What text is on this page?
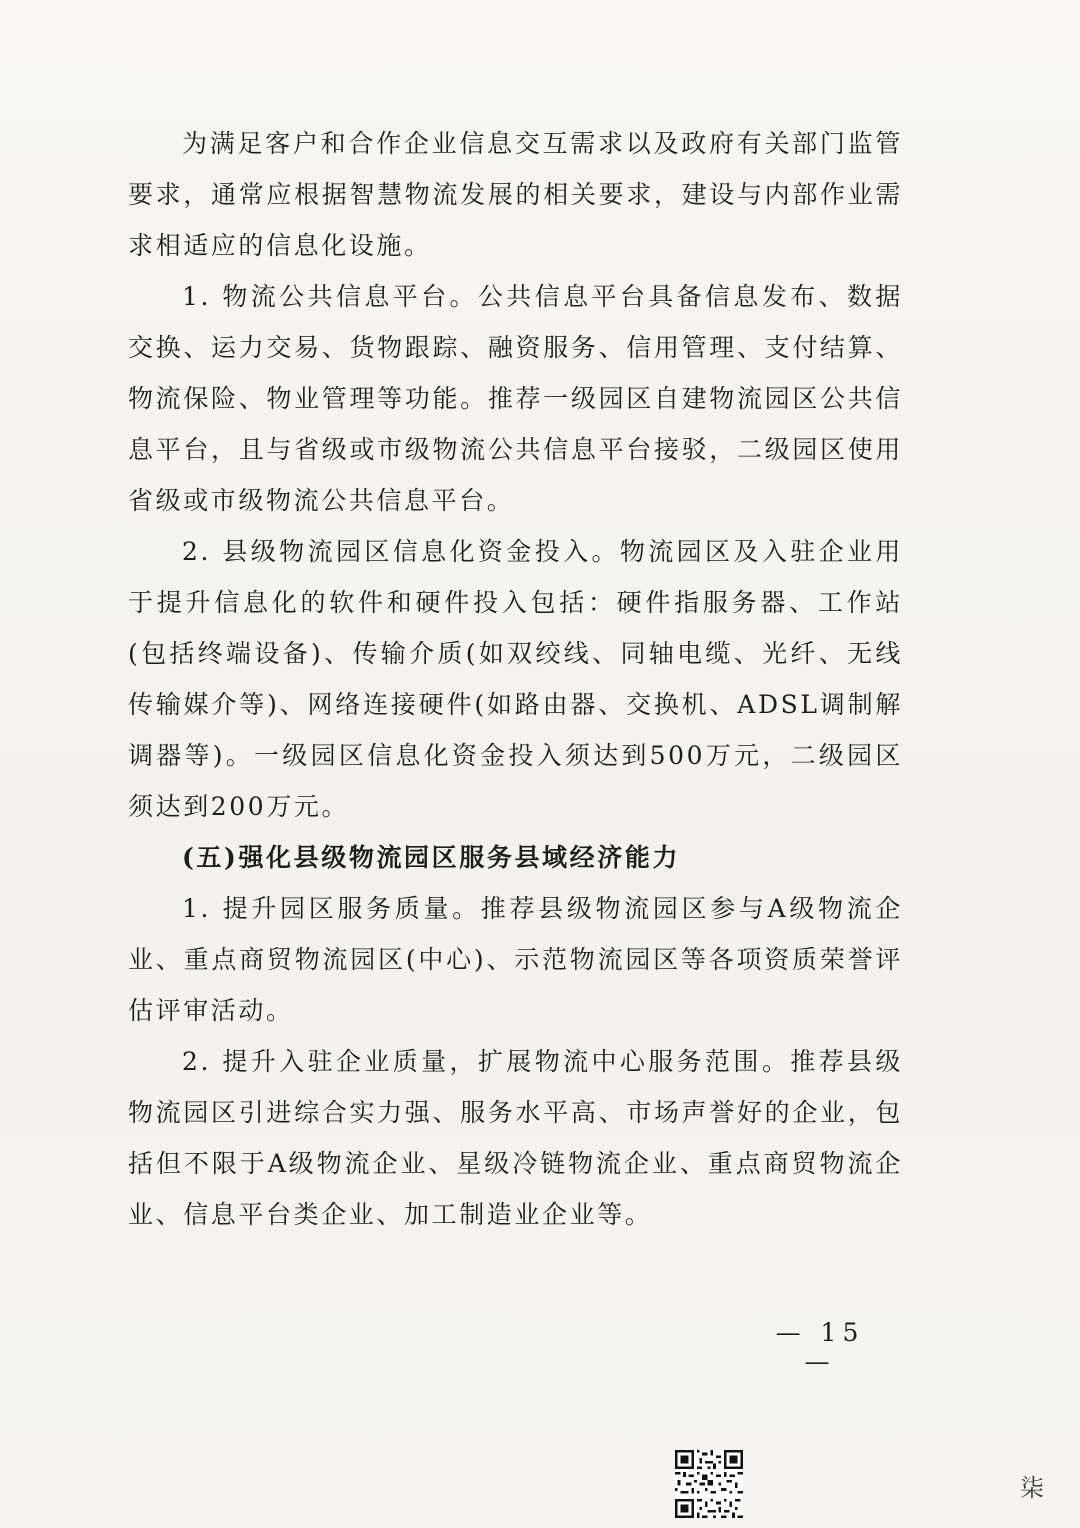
为满足客户和合作企业信息交互需求以及政府有关部门监管要求，通常应根据智慧物流发展的相关要求，建设与内部作业需求相适应的信息化设施。

1. 物流公共信息平台。公共信息平台具备信息发布、数据交换、运力交易、货物跟踪、融资服务、信用管理、支付结算、物流保险、物业管理等功能。推荐一级园区自建物流园区公共信息平台，且与省级或市级物流公共信息平台接驳，二级园区使用省级或市级物流公共信息平台。

2. 县级物流园区信息化资金投入。物流园区及入驻企业用于提升信息化的软件和硬件投入包括：硬件指服务器、工作站(包括终端设备)、传输介质(如双绞线、同轴电缆、光纤、无线传输媒介等)、网络连接硬件(如路由器、交换机、ADSL调制解调器等)。一级园区信息化资金投入须达到500万元，二级园区须达到200万元。

(五)强化县级物流园区服务县域经济能力

1. 提升园区服务质量。推荐县级物流园区参与A级物流企业、重点商贸物流园区(中心)、示范物流园区等各项资质荣誉评估评审活动。

2. 提升入驻企业质量，扩展物流中心服务范围。推荐县级物流园区引进综合实力强、服务水平高、市场声誉好的企业，包括但不限于A级物流企业、星级冷链物流企业、重点商贸物流企业、信息平台类企业、加工制造业企业等。

— 15 —
柒
